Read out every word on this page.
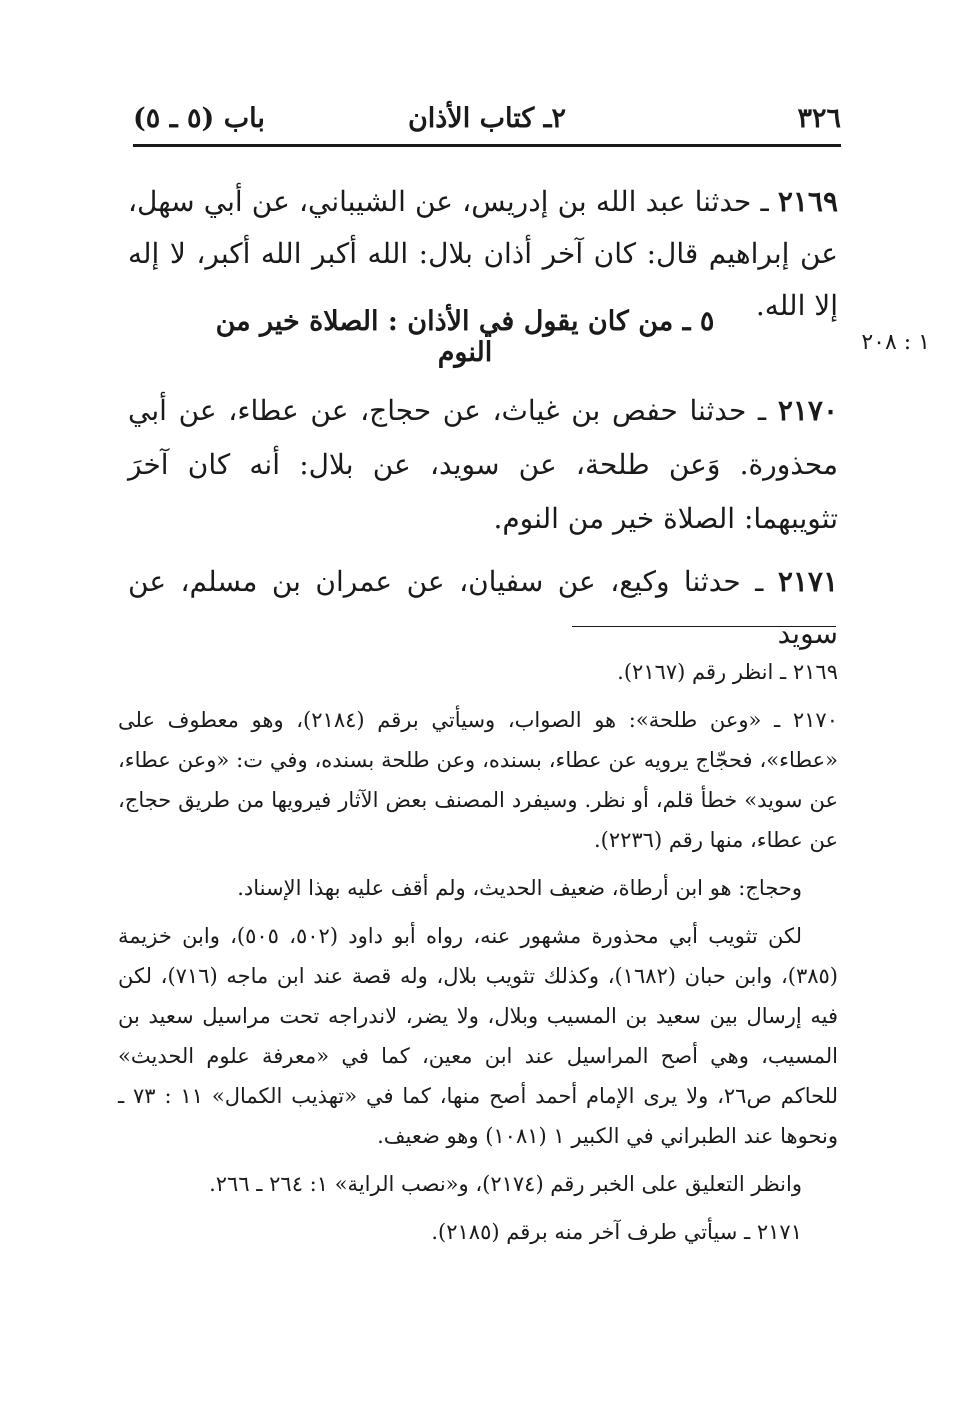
٣٢٦
٢ـ كتاب الأذان
باب (٥ ـ ٥)
٢١٦٩ ـ حدثنا عبد الله بن إدريس، عن الشيباني، عن أبي سهل، عن إبراهيم قال: كان آخر أذان بلال: الله أكبر الله أكبر، لا إله إلا الله.
٥ ـ من كان يقول في الأذان : الصلاة خير من النوم	١ : ٢٠٨
٢١٧٠ ـ حدثنا حفص بن غياث، عن حجاج، عن عطاء، عن أبي محذورة. وَعن طلحة، عن سويد، عن بلال: أنه كان آخرَ تثويبهما: الصلاة خير من النوم.
٢١٧١ ـ حدثنا وكيع، عن سفيان، عن عمران بن مسلم، عن سويد

٢١٦٩ ـ انظر رقم (٢١٦٧).

٢١٧٠ ـ «وعن طلحة»: هو الصواب، وسيأتي برقم (٢١٨٤)، وهو معطوف على «عطاء»، فحجّاج يرويه عن عطاء، بسنده، وعن طلحة بسنده، وفي ت: «وعن عطاء، عن سويد» خطأ قلم، أو نظر. وسيفرد المصنف بعض الآثار فيرويها من طريق حجاج، عن عطاء، منها رقم (٢٢٣٦).

وحجاج: هو ابن أرطاة، ضعيف الحديث، ولم أقف عليه بهذا الإسناد.

لكن تثويب أبي محذورة مشهور عنه، رواه أبو داود (٥٠٢، ٥٠٥)، وابن خزيمة (٣٨٥)، وابن حبان (١٦٨٢)، وكذلك تثويب بلال، وله قصة عند ابن ماجه (٧١٦)، لكن فيه إرسال بين سعيد بن المسيب وبلال، ولا يضر، لاندراجه تحت مراسيل سعيد بن المسيب، وهي أصح المراسيل عند ابن معين، كما في «معرفة علوم الحديث» للحاكم ص٢٦، ولا يرى الإمام أحمد أصح منها، كما في «تهذيب الكمال» ١١ : ٧٣ ـ ونحوها عند الطبراني في الكبير ١ (١٠٨١) وهو ضعيف.

وانظر التعليق على الخبر رقم (٢١٧٤)، و«نصب الراية» ١: ٢٦٤ ـ ٢٦٦.

٢١٧١ ـ سيأتي طرف آخر منه برقم (٢١٨٥).
